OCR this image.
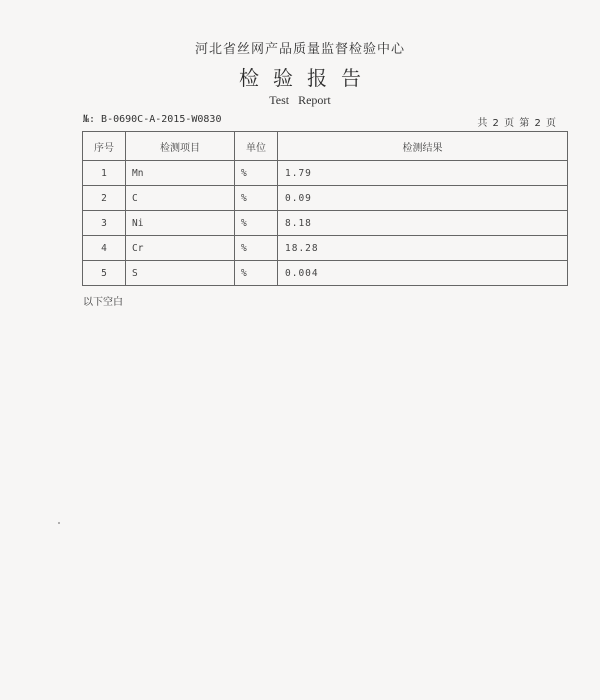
河北省丝网产品质量监督检验中心
检验报告
Test Report
№: B-0690C-A-2015-W0830	共 2 页 第 2 页
序号	检测项目	单位	检测结果
1	Mn	%	1.79
2	C	%	0.09
3	Ni	%	8.18
4	Cr	%	18.28
5	S	%	0.004
以下空白
